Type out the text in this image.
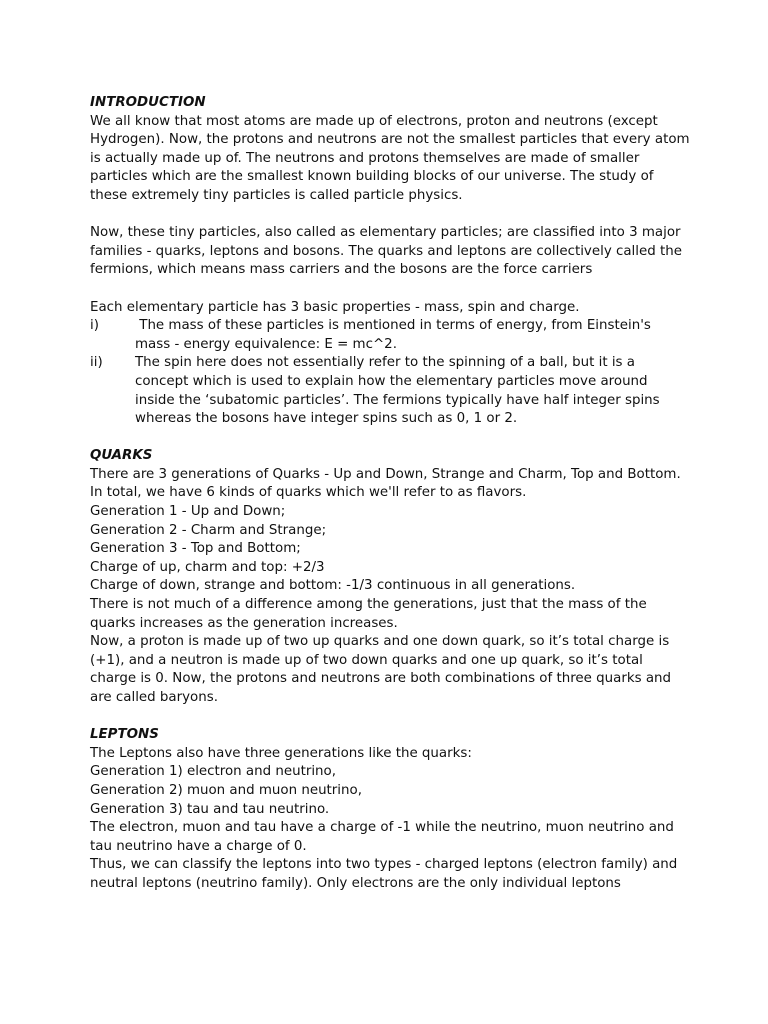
INTRODUCTION

We all know that most atoms are made up of electrons, proton and neutrons (except Hydrogen). Now, the protons and neutrons are not the smallest particles that every atom is actually made up of. The neutrons and protons themselves are made of smaller particles which are the smallest known building blocks of our universe. The study of these extremely tiny particles is called particle physics.

Now, these tiny particles, also called as elementary particles; are classified into 3 major families - quarks, leptons and bosons. The quarks and leptons are collectively called the fermions, which means mass carriers and the bosons are the force carriers

Each elementary particle has 3 basic properties - mass, spin and charge.

i)	The mass of these particles is mentioned in terms of energy, from Einstein's mass - energy equivalence: E = mc^2.
ii)	The spin here does not essentially refer to the spinning of a ball, but it is a concept which is used to explain how the elementary particles move around inside the ‘subatomic particles’. The fermions typically have half integer spins whereas the bosons have integer spins such as 0, 1 or 2.

QUARKS

There are 3 generations of Quarks - Up and Down, Strange and Charm, Top and Bottom. In total, we have 6 kinds of quarks which we'll refer to as flavors.

Generation 1 - Up and Down;

Generation 2 - Charm and Strange;

Generation 3 - Top and Bottom;

Charge of up, charm and top: +2/3

Charge of down, strange and bottom: -1/3 continuous in all generations.

There is not much of a difference among the generations, just that the mass of the quarks increases as the generation increases.

Now, a proton is made up of two up quarks and one down quark, so it’s total charge is (+1), and a neutron is made up of two down quarks and one up quark, so it’s total charge is 0. Now, the protons and neutrons are both combinations of three quarks and are called baryons.

LEPTONS

The Leptons also have three generations like the quarks:

Generation 1) electron and neutrino,

Generation 2) muon and muon neutrino,

Generation 3) tau and tau neutrino.

The electron, muon and tau have a charge of -1 while the neutrino, muon neutrino and tau neutrino have a charge of 0.

Thus, we can classify the leptons into two types - charged leptons (electron family) and neutral leptons (neutrino family). Only electrons are the only individual leptons
